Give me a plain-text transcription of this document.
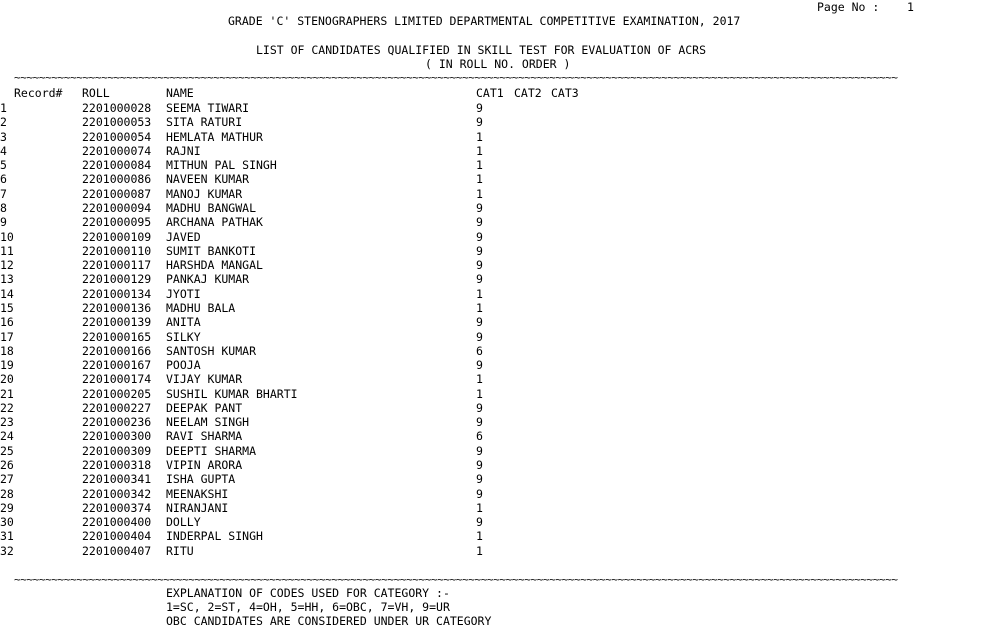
Page No : 1
GRADE 'C' STENOGRAPHERS LIMITED DEPARTMENTAL COMPETITIVE EXAMINATION, 2017
LIST OF CANDIDATES QUALIFIED IN SKILL TEST FOR EVALUATION OF ACRS
( IN ROLL NO. ORDER )
~~~~~~~~~~~~~~~~~~~~~~~~~~~~~~~~~~~~~~~~~~~~~~~~~~~~~~~~~~~~~~~~~~~~~~~~~~~~~~~~~~~~~~~~~~~~~~~~~~~~~~~~~~~~~~~~~~~~~~~~~~~~~~~~~~~~~~~~~~~~~~
Record# ROLL	NAME	CAT1 CAT2 CAT3
1	2201000028 SEEMA TIWARI	9
2	2201000053 SITA RATURI	9
3	2201000054 HEMLATA MATHUR	1
4	2201000074 RAJNI	1
5	2201000084 MITHUN PAL SINGH	1
6	2201000086 NAVEEN KUMAR	1
7	2201000087 MANOJ KUMAR	1
8	2201000094 MADHU BANGWAL	9
9	2201000095 ARCHANA PATHAK	9
10	2201000109 JAVED	9
11	2201000110 SUMIT BANKOTI	9
12	2201000117 HARSHDA MANGAL	9
13	2201000129 PANKAJ KUMAR	9
14	2201000134 JYOTI	1
15	2201000136 MADHU BALA	1
16	2201000139 ANITA	9
17	2201000165 SILKY	9
18	2201000166 SANTOSH KUMAR	6
19	2201000167 POOJA	9
20	2201000174 VIJAY KUMAR	1
21	2201000205 SUSHIL KUMAR BHARTI	1
22	2201000227 DEEPAK PANT	9
23	2201000236 NEELAM SINGH	9
24	2201000300 RAVI SHARMA	6
25	2201000309 DEEPTI SHARMA	9
26	2201000318 VIPIN ARORA	9
27	2201000341 ISHA GUPTA	9
28	2201000342 MEENAKSHI	9
29	2201000374 NIRANJANI	1
30	2201000400 DOLLY	9
31	2201000404 INDERPAL SINGH	1
32	2201000407 RITU	1
~~~~~~~~~~~~~~~~~~~~~~~~~~~~~~~~~~~~~~~~~~~~~~~~~~~~~~~~~~~~~~~~~~~~~~~~~~~~~~~~~~~~~~~~~~~~~~~~~~~~~~~~~~~~~~~~~~~~~~~~~~~~~~~~~~~~~~~~~~~~~~
EXPLANATION OF CODES USED FOR CATEGORY :-
1=SC, 2=ST, 4=OH, 5=HH, 6=OBC, 7=VH, 9=UR
OBC CANDIDATES ARE CONSIDERED UNDER UR CATEGORY
